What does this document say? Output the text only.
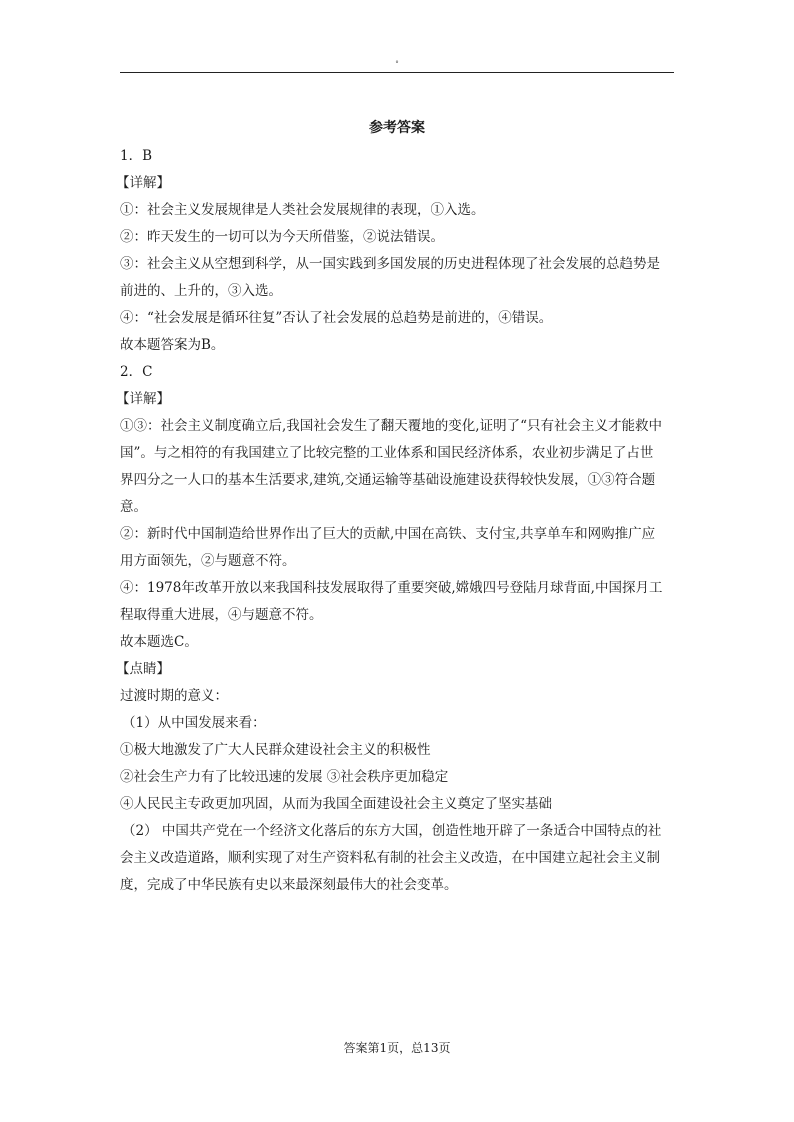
°
参考答案
1．B
【详解】
①：社会主义发展规律是人类社会发展规律的表现，①入选。
②：昨天发生的一切可以为今天所借鉴，②说法错误。
③：社会主义从空想到科学，从一国实践到多国发展的历史进程体现了社会发展的总趋势是
前进的、上升的，③入选。
④：“社会发展是循环往复”否认了社会发展的总趋势是前进的，④错误。
故本题答案为B。
2．C
【详解】
①③：社会主义制度确立后,我国社会发生了翻天覆地的变化,证明了“只有社会主义才能救中
国”。与之相符的有我国建立了比较完整的工业体系和国民经济体系，农业初步满足了占世
界四分之一人口的基本生活要求,建筑,交通运输等基础设施建设获得较快发展，①③符合题
意。
②：新时代中国制造给世界作出了巨大的贡献,中国在高铁、支付宝,共享单车和网购推广应
用方面领先，②与题意不符。
④：1978年改革开放以来我国科技发展取得了重要突破,嫦娥四号登陆月球背面,中国探月工
程取得重大进展，④与题意不符。
故本题选C。
【点睛】
过渡时期的意义：
（1）从中国发展来看：
①极大地激发了广大人民群众建设社会主义的积极性
②社会生产力有了比较迅速的发展 ③社会秩序更加稳定
④人民民主专政更加巩固，从而为我国全面建设社会主义奠定了坚实基础
（2） 中国共产党在一个经济文化落后的东方大国，创造性地开辟了一条适合中国特点的社
会主义改造道路，顺利实现了对生产资料私有制的社会主义改造，在中国建立起社会主义制
度，完成了中华民族有史以来最深刻最伟大的社会变革。
答案第1页，总13页
